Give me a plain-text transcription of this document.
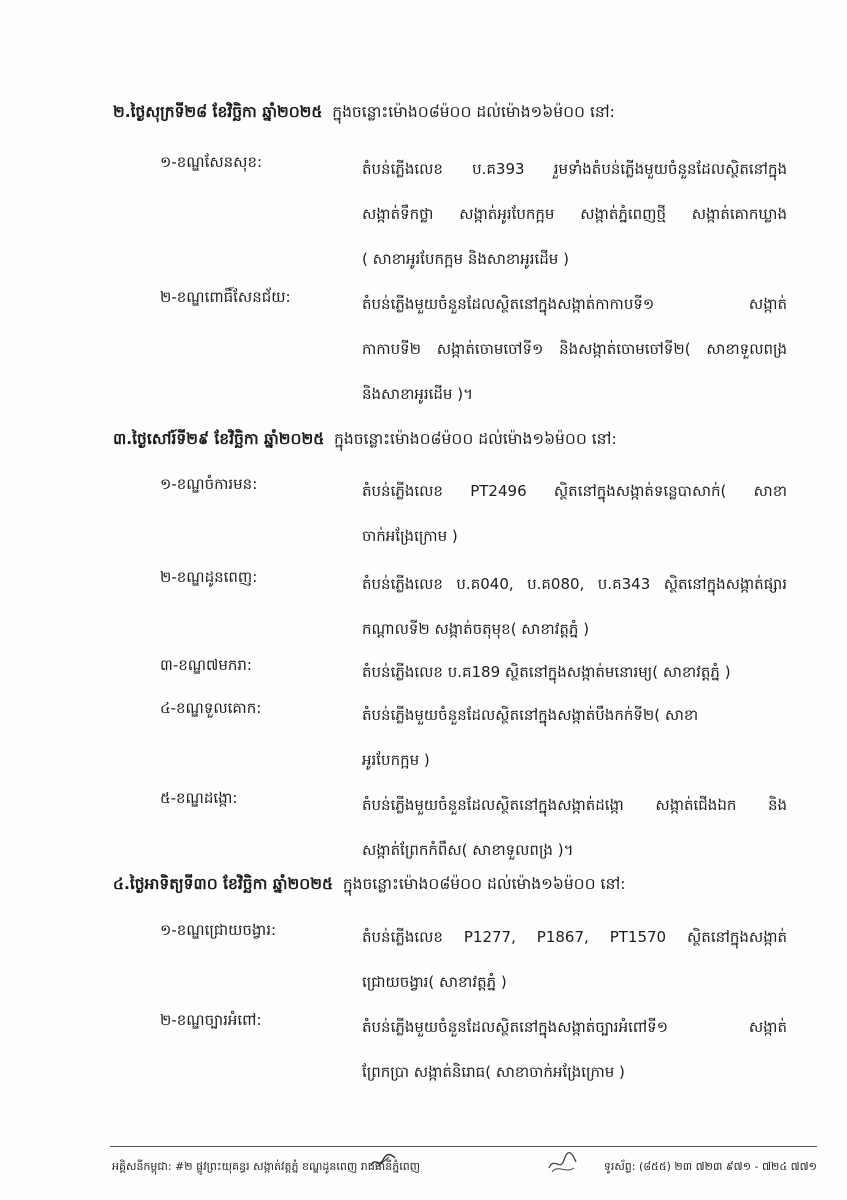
២.ថ្ងៃសុក្រទី២៨ ខែវិច្ឆិកា ឆ្នាំ២០២៥ ក្នុងចន្លោះម៉ោង០៨ម៉០០ ដល់ម៉ោង១៦ម៉០០ នៅ:
១-ខណ្ឌសែនសុខ:	តំបន់ភ្លើងលេខ ប.គ393 រួមទាំងតំបន់ភ្លើងមួយចំនួនដែលស្ថិតនៅក្នុង
សង្កាត់ទឹកថ្លា សង្កាត់អូរបែកក្អម សង្កាត់ភ្នំពេញថ្មី សង្កាត់គោកឃ្លាង
( សាខាអូរបែកក្អម និងសាខាអូរដើម )
២-ខណ្ឌពោធិ៍សែនជ័យ:	តំបន់ភ្លើងមួយចំនួនដែលស្ថិតនៅក្នុងសង្កាត់កាកាបទី១ សង្កាត់
កាកាបទី២ សង្កាត់ចោមចៅទី១ និងសង្កាត់ចោមចៅទី២( សាខាទួលពង្រ
និងសាខាអូរដើម )។
៣.ថ្ងៃសៅរ៍ទី២៩ ខែវិច្ឆិកា ឆ្នាំ២០២៥ ក្នុងចន្លោះម៉ោង០៨ម៉០០ ដល់ម៉ោង១៦ម៉០០ នៅ:
១-ខណ្ឌចំការមន:	តំបន់ភ្លើងលេខ PT2496 ស្ថិតនៅក្នុងសង្កាត់ទន្លេបាសាក់( សាខា
ចាក់អង្រែក្រោម )
២-ខណ្ឌដូនពេញ:	តំបន់ភ្លើងលេខ ប.គ040, ប.គ080, ប.គ343 ស្ថិតនៅក្នុងសង្កាត់ផ្សារ
កណ្តាលទី២ សង្កាត់ចតុមុខ( សាខាវត្តភ្នំ )
៣-ខណ្ឌ៧មករា:	តំបន់ភ្លើងលេខ ប.គ189 ស្ថិតនៅក្នុងសង្កាត់មនោរម្យ( សាខាវត្តភ្នំ )
៤-ខណ្ឌទួលគោក:	តំបន់ភ្លើងមួយចំនួនដែលស្ថិតនៅក្នុងសង្កាត់បឹងកក់ទី២( សាខា
អូរបែកក្អម )
៥-ខណ្ឌដង្កោ:	តំបន់ភ្លើងមួយចំនួនដែលស្ថិតនៅក្នុងសង្កាត់ដង្កោ សង្កាត់ជើងឯក និង
សង្កាត់ព្រែកកំពឹស( សាខាទួលពង្រ )។
៤.ថ្ងៃអាទិត្យទី៣០ ខែវិច្ឆិកា ឆ្នាំ២០២៥ ក្នុងចន្លោះម៉ោង០៨ម៉០០ ដល់ម៉ោង១៦ម៉០០ នៅ:
១-ខណ្ឌជ្រោយចង្វារ:	តំបន់ភ្លើងលេខ P1277, P1867, PT1570 ស្ថិតនៅក្នុងសង្កាត់
ជ្រោយចង្វារ( សាខាវត្តភ្នំ )
២-ខណ្ឌច្បារអំពៅ:	តំបន់ភ្លើងមួយចំនួនដែលស្ថិតនៅក្នុងសង្កាត់ច្បារអំពៅទី១ សង្កាត់
ព្រែកប្រា សង្កាត់និរោធ( សាខាចាក់អង្រែក្រោម )
អគ្គិសនីកម្ពុជា: #២ ផ្លូវព្រះយុគន្ធរ សង្កាត់វត្តភ្នំ ខណ្ឌដូនពេញ រាជធានីភ្នំពេញ	ទូរស័ព្ទ: (៨៥៥) ២៣ ៧២៣ ៩៧១ - ៧២៤ ៧៧១
